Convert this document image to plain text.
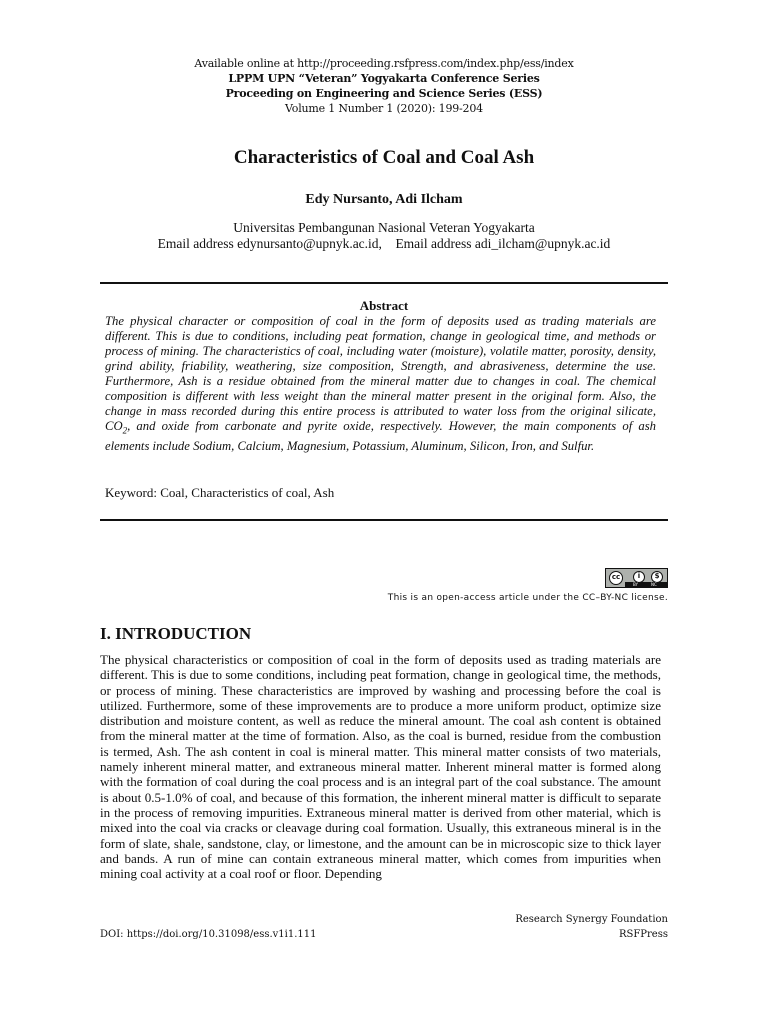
Available online at http://proceeding.rsfpress.com/index.php/ess/index
LPPM UPN “Veteran” Yogyakarta Conference Series
Proceeding on Engineering and Science Series (ESS)
Volume 1 Number 1 (2020): 199-204
Characteristics of Coal and Coal Ash
Edy Nursanto, Adi Ilcham
Universitas Pembangunan Nasional Veteran Yogyakarta
Email address edynursanto@upnyk.ac.id, Email address adi_ilcham@upnyk.ac.id
Abstract
The physical character or composition of coal in the form of deposits used as trading materials are different. This is due to conditions, including peat formation, change in geological time, and methods or process of mining. The characteristics of coal, including water (moisture), volatile matter, porosity, density, grind ability, friability, weathering, size composition, Strength, and abrasiveness, determine the use. Furthermore, Ash is a residue obtained from the mineral matter due to changes in coal. The chemical composition is different with less weight than the mineral matter present in the original form. Also, the change in mass recorded during this entire process is attributed to water loss from the original silicate, $CO_2$, and oxide from carbonate and pyrite oxide, respectively. However, the main components of ash elements include Sodium, Calcium, Magnesium, Potassium, Aluminum, Silicon, Iron, and Sulfur.
Keyword: Coal, Characteristics of coal, Ash
cc	i	$
BY	NC
This is an open-access article under the CC–BY-NC license.
I. INTRODUCTION
The physical characteristics or composition of coal in the form of deposits used as trading materials are different. This is due to some conditions, including peat formation, change in geological time, the methods, or process of mining. These characteristics are improved by washing and processing before the coal is utilized. Furthermore, some of these improvements are to produce a more uniform product, optimize size distribution and moisture content, as well as reduce the mineral amount. The coal ash content is obtained from the mineral matter at the time of formation. Also, as the coal is burned, residue from the combustion is termed, Ash. The ash content in coal is mineral matter. This mineral matter consists of two materials, namely inherent mineral matter, and extraneous mineral matter. Inherent mineral matter is formed along with the formation of coal during the coal process and is an integral part of the coal substance. The amount is about 0.5-1.0% of coal, and because of this formation, the inherent mineral matter is difficult to separate in the process of removing impurities. Extraneous mineral matter is derived from other material, which is mixed into the coal via cracks or cleavage during coal formation. Usually, this extraneous mineral is in the form of slate, shale, sandstone, clay, or limestone, and the amount can be in microscopic size to thick layer and bands. A run of mine can contain extraneous mineral matter, which comes from impurities when mining coal activity at a coal roof or floor. Depending
Research Synergy Foundation
RSFPress
DOI: https://doi.org/10.31098/ess.v1i1.111
